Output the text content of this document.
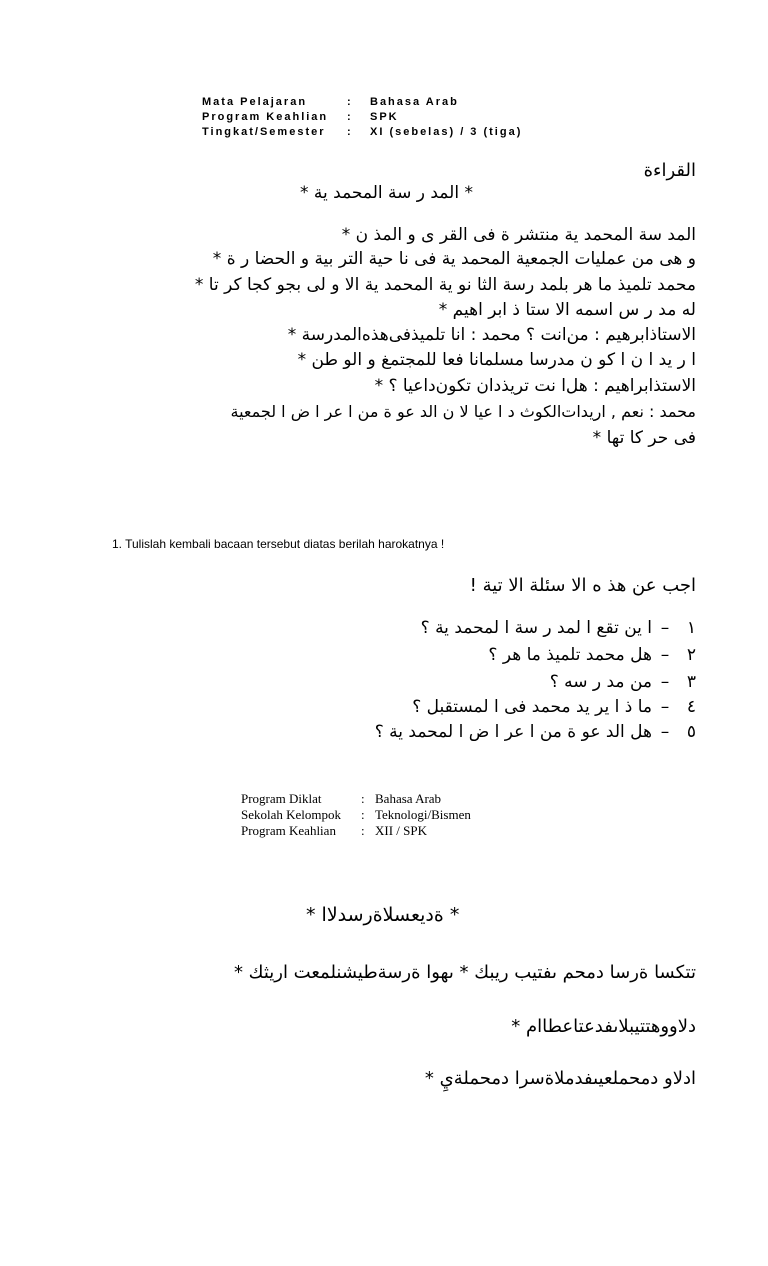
Mata Pelajaran	: Bahasa Arab
Program Keahlian : SPK
Tingkat/Semester : XI (sebelas) / 3 (tiga)
القراءة
* المد ر سة المحمد ية *
المد سة المحمد ية منتشر ة فى القر ى و المذ ن *
و هى من عمليات الجمعية المحمد ية فى نا حية التر بية و الحضا ر ة *
محمد تلميذ ما هر بلمد رسة الثا نو ية المحمد ية الا و لى بجو كجا كر تا *
له مد ر س اسمه الا ستا ذ ابر اهيم *
الاستاذابرهيم : من‌انت ؟ محمد : انا تلميذفى‌هذه‌المدرسة *
ا ر يد ا ن ا كو ن مدرسا مسلمانا فعا للمجتمغ و الو طن *
الاستذابراهيم : هل‌ا نت تريذدان تكون‌داعيا ؟ *
محمد : نعم , اريدات‌الكوث د ا عيا لا ن الد عو ة من ا عر ا ض ا لجمعية
فى حر كا تها *
1. Tulislah kembali bacaan tersebut diatas berilah harokatnya !
اجب عن هذ ه الا سئلة الا تية !
١–ا ين تقع ا لمد ر سة ا لمحمد ية ؟
٢–هل محمد تلميذ ما هر ؟
٣–من مد ر سه ؟
٤–ما ذ ا ير يد محمد فى ا لمستقبل ؟
٥–هل الد عو ة من ا عر ا ض ا لمحمد ية ؟
Program Diklat	: Bahasa Arab
Sekolah Kelompok : Teknologi/Bismen
Program Keahlian : XII / SPK
* ةديعسلاةرسدلاا *
تتكسا ةرسا دمحم ىفتيب ريبك * ىهوا ةرسةطيشنلمعت اريثك *
دلاووهتتيبلاىفدعتاعطاام *
ادلاو دمحملعيىفدملاةسرا دمحملةيِ *
